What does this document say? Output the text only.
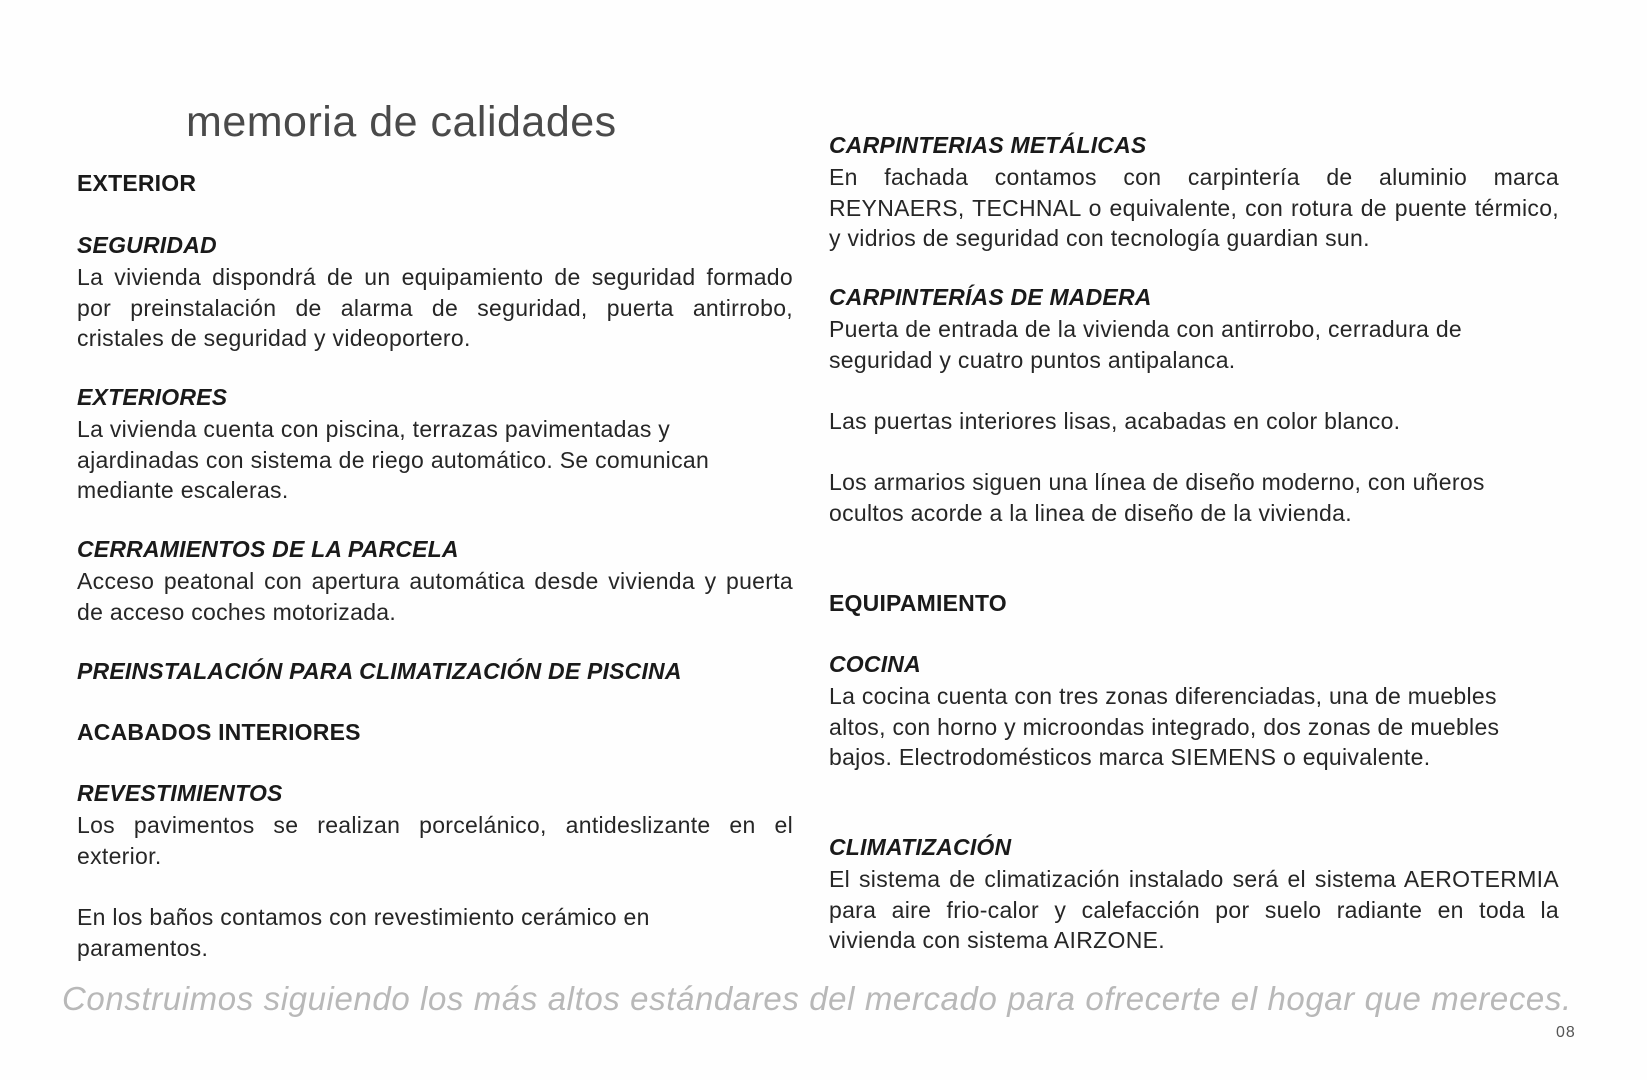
memoria de calidades
EXTERIOR
SEGURIDAD

La vivienda dispondrá de un equipamiento de seguridad formado por preinstalación de alarma de seguridad, puerta antirrobo, cristales de seguridad y videoportero.

EXTERIORES

La vivienda cuenta con piscina, terrazas pavimentadas y ajardinadas con sistema de riego automático. Se comunican mediante escaleras.

CERRAMIENTOS DE LA PARCELA

Acceso peatonal con apertura automática desde vivienda y puerta de acceso coches motorizada.

PREINSTALACIÓN PARA CLIMATIZACIÓN DE PISCINA
ACABADOS INTERIORES
REVESTIMIENTOS

Los pavimentos se realizan porcelánico, antideslizante en el exterior.

En los baños contamos con revestimiento cerámico en paramentos.

CARPINTERIAS METÁLICAS

En fachada contamos con carpintería de aluminio marca REYNAERS, TECHNAL o equivalente, con rotura de puente térmico, y vidrios de seguridad con tecnología guardian sun.

CARPINTERÍAS DE MADERA

Puerta de entrada de la vivienda con antirrobo, cerradura de seguridad y cuatro puntos antipalanca.

Las puertas interiores lisas, acabadas en color blanco.

Los armarios siguen una línea de diseño moderno, con uñeros ocultos acorde a la linea de diseño de la vivienda.

EQUIPAMIENTO
COCINA

La cocina cuenta con tres zonas diferenciadas, una de muebles altos, con horno y microondas integrado, dos zonas de muebles bajos. Electrodomésticos marca SIEMENS o equivalente.

CLIMATIZACIÓN

El sistema de climatización instalado será el sistema AEROTERMIA para aire frio-calor y calefacción por suelo radiante en toda la vivienda con sistema AIRZONE.

Construimos siguiendo los más altos estándares del mercado para ofrecerte el hogar que mereces.

08
